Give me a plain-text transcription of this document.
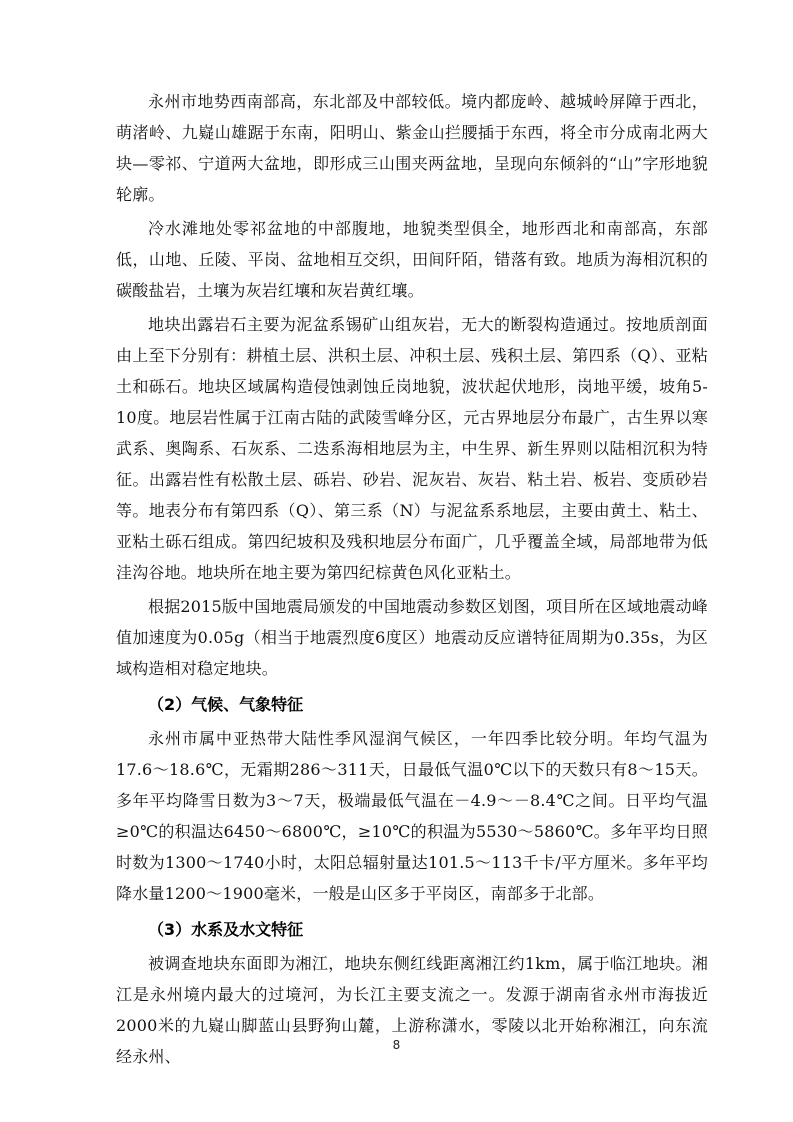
永州市地势西南部高，东北部及中部较低。境内都庞岭、越城岭屏障于西北，萌渚岭、九嶷山雄踞于东南，阳明山、紫金山拦腰插于东西，将全市分成南北两大块—零祁、宁道两大盆地，即形成三山围夹两盆地，呈现向东倾斜的“山”字形地貌轮廓。

冷水滩地处零祁盆地的中部腹地，地貌类型俱全，地形西北和南部高，东部低，山地、丘陵、平岗、盆地相互交织，田间阡陌，错落有致。地质为海相沉积的碳酸盐岩，土壤为灰岩红壤和灰岩黄红壤。

地块出露岩石主要为泥盆系锡矿山组灰岩，无大的断裂构造通过。按地质剖面由上至下分别有：耕植土层、洪积土层、冲积土层、残积土层、第四系（Q）、亚粘土和砾石。地块区域属构造侵蚀剥蚀丘岗地貌，波状起伏地形，岗地平缓，坡角5-10度。地层岩性属于江南古陆的武陵雪峰分区，元古界地层分布最广，古生界以寒武系、奥陶系、石灰系、二迭系海相地层为主，中生界、新生界则以陆相沉积为特征。出露岩性有松散土层、砾岩、砂岩、泥灰岩、灰岩、粘土岩、板岩、变质砂岩等。地表分布有第四系（Q）、第三系（N）与泥盆系系地层，主要由黄土、粘土、亚粘土砾石组成。第四纪坡积及残积地层分布面广，几乎覆盖全域，局部地带为低洼沟谷地。地块所在地主要为第四纪棕黄色风化亚粘土。

根据2015版中国地震局颁发的中国地震动参数区划图，项目所在区域地震动峰值加速度为0.05g（相当于地震烈度6度区）地震动反应谱特征周期为0.35s，为区域构造相对稳定地块。

（2）气候、气象特征

永州市属中亚热带大陆性季风湿润气候区，一年四季比较分明。年均气温为17.6～18.6℃，无霜期286～311天，日最低气温0℃以下的天数只有8～15天。多年平均降雪日数为3～7天，极端最低气温在－4.9～－8.4℃之间。日平均气温≥0℃的积温达6450～6800℃，≥10℃的积温为5530～5860℃。多年平均日照时数为1300～1740小时，太阳总辐射量达101.5～113千卡/平方厘米。多年平均降水量1200～1900毫米，一般是山区多于平岗区，南部多于北部。

（3）水系及水文特征

被调查地块东面即为湘江，地块东侧红线距离湘江约1km，属于临江地块。湘江是永州境内最大的过境河，为长江主要支流之一。发源于湖南省永州市海拔近2000米的九嶷山脚蓝山县野狗山麓，上游称潇水，零陵以北开始称湘江，向东流经永州、

8
